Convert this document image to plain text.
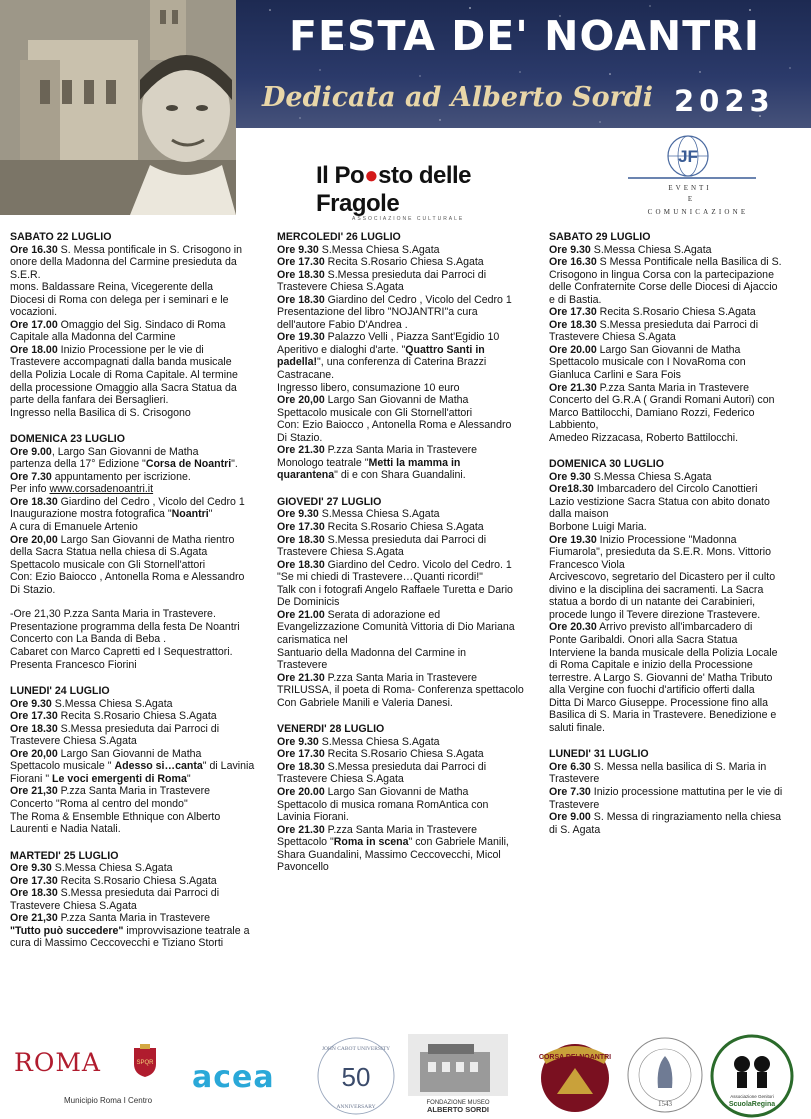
FESTA DE' NOANTRI
Dedicata ad Alberto Sordi 2023
Il Po●sto delle Fragole
ASSOCIAZIONE CULTURALE
JF
EVENTI
E
COMUNICAZIONE
SABATO 22 LUGLIO
Ore 16.30 S. Messa pontificale in S. Crisogono in
onore della Madonna del Carmine presieduta da
S.E.R.
mons. Baldassare Reina, Vicegerente della
Diocesi di Roma con delega per i seminari e le
vocazioni.
Ore 17.00 Omaggio del Sig. Sindaco di Roma
Capitale alla Madonna del Carmine
Ore 18.00 Inizio Processione per le vie di
Trastevere accompagnati dalla banda musicale
della Polizia Locale di Roma Capitale. Al termine
della processione Omaggio alla Sacra Statua da
parte della fanfara dei Bersaglieri.
Ingresso nella Basilica di S. Crisogono
DOMENICA 23 LUGLIO
Ore 9.00, Largo San Giovanni de Matha
partenza della 17° Edizione "Corsa de Noantri".
Ore 7.30 appuntamento per iscrizione.
Per info www.corsadenoantri.it
Ore 18.30 Giardino del Cedro , Vicolo del Cedro 1
Inaugurazione mostra fotografica "Noantri"
A cura di Emanuele Artenio
Ore 20,00 Largo San Giovanni de Matha rientro
della Sacra Statua nella chiesa di S.Agata
Spettacolo musicale con Gli Stornell'attori
Con: Ezio Baiocco , Antonella Roma e Alessandro
Di Stazio.
-Ore 21,30 P.zza Santa Maria in Trastevere.
Presentazione programma della festa De Noantri
Concerto con La Banda di Beba .
Cabaret con Marco Capretti ed I Sequestrattori.
Presenta Francesco Fiorini
LUNEDI' 24 LUGLIO
Ore 9.30 S.Messa Chiesa S.Agata
Ore 17.30 Recita S.Rosario Chiesa S.Agata
Ore 18.30 S.Messa presieduta dai Parroci di
Trastevere Chiesa S.Agata
Ore 20,00 Largo San Giovanni de Matha
Spettacolo musicale " Adesso si…canta" di Lavinia
Fiorani " Le voci emergenti di Roma"
Ore 21,30 P.zza Santa Maria in Trastevere
Concerto "Roma al centro del mondo"
The Roma & Ensemble Ethnique con Alberto
Laurenti e Nadia Natali.
MARTEDI' 25 LUGLIO
Ore 9.30 S.Messa Chiesa S.Agata
Ore 17.30 Recita S.Rosario Chiesa S.Agata
Ore 18.30 S.Messa presieduta dai Parroci di
Trastevere Chiesa S.Agata
Ore 21,30 P.zza Santa Maria in Trastevere
"Tutto può succedere" improvvisazione teatrale a
cura di Massimo Ceccovecchi e Tiziano Storti
MERCOLEDI' 26 LUGLIO
Ore 9.30 S.Messa Chiesa S.Agata
Ore 17.30 Recita S.Rosario Chiesa S.Agata
Ore 18.30 S.Messa presieduta dai Parroci di
Trastevere Chiesa S.Agata
Ore 18.30 Giardino del Cedro , Vicolo del Cedro 1
Presentazione del libro "NOJANTRI"a cura
dell'autore Fabio D'Andrea .
Ore 19.30 Palazzo Velli , Piazza Sant'Egidio 10
Aperitivo e dialoghi d'arte. "Quattro Santi in
padella!", una conferenza di Caterina Brazzi
Castracane.
Ingresso libero, consumazione 10 euro
Ore 20,00 Largo San Giovanni de Matha
Spettacolo musicale con Gli Stornell'attori
Con: Ezio Baiocco , Antonella Roma e Alessandro
Di Stazio.
Ore 21.30 P.zza Santa Maria in Trastevere
Monologo teatrale "Metti la mamma in
quarantena" di e con Shara Guandalini.
GIOVEDI' 27 LUGLIO
Ore 9.30 S.Messa Chiesa S.Agata
Ore 17.30 Recita S.Rosario Chiesa S.Agata
Ore 18.30 S.Messa presieduta dai Parroci di
Trastevere Chiesa S.Agata
Ore 18.30 Giardino del Cedro. Vicolo del Cedro. 1
"Se mi chiedi di Trastevere…Quanti ricordi!"
Talk con i fotografi Angelo Raffaele Turetta e Dario
De Dominicis
Ore 21.00 Serata di adorazione ed
Evangelizzazione Comunità Vittoria di Dio Mariana
carismatica nel
Santuario della Madonna del Carmine in
Trastevere
Ore 21.30 P.zza Santa Maria in Trastevere
TRILUSSA, il poeta di Roma- Conferenza spettacolo
Con Gabriele Manili e Valeria Danesi.
VENERDI' 28 LUGLIO
Ore 9.30 S.Messa Chiesa S.Agata
Ore 17.30 Recita S.Rosario Chiesa S.Agata
Ore 18.30 S.Messa presieduta dai Parroci di
Trastevere Chiesa S.Agata
Ore 20.00 Largo San Giovanni de Matha
Spettacolo di musica romana RomAntica con
Lavinia Fiorani.
Ore 21.30 P.zza Santa Maria in Trastevere
Spettacolo "Roma in scena" con Gabriele Manili,
Shara Guandalini, Massimo Ceccovecchi, Micol
Pavoncello
SABATO 29 LUGLIO
Ore 9.30 S.Messa Chiesa S.Agata
Ore 16.30 S Messa Pontificale nella Basilica di S.
Crisogono in lingua Corsa con la partecipazione
delle Confraternite Corse delle Diocesi di Ajaccio
e di Bastia.
Ore 17.30 Recita S.Rosario Chiesa S.Agata
Ore 18.30 S.Messa presieduta dai Parroci di
Trastevere Chiesa S.Agata
Ore 20.00 Largo San Giovanni de Matha
Spettacolo musicale con I NovaRoma con
Gianluca Carlini e Sara Fois
Ore 21.30 P.zza Santa Maria in Trastevere
Concerto del G.R.A ( Grandi Romani Autori) con
Marco Battilocchi, Damiano Rozzi, Federico
Labbiento,
Amedeo Rizzacasa, Roberto Battilocchi.
DOMENICA 30 LUGLIO
Ore 9.30 S.Messa Chiesa S.Agata
Ore18.30 Imbarcadero del Circolo Canottieri
Lazio vestizione Sacra Statua con abito donato
dalla maison
Borbone Luigi Maria.
Ore 19.30 Inizio Processione "Madonna
Fiumarola", presieduta da S.E.R. Mons. Vittorio
Francesco Viola
Arcivescovo, segretario del Dicastero per il culto
divino e la disciplina dei sacramenti. La Sacra
statua a bordo di un natante dei Carabinieri,
procede lungo il Tevere direzione Trastevere.
Ore 20.30 Arrivo previsto all'imbarcadero di
Ponte Garibaldi. Onori alla Sacra Statua
Interviene la banda musicale della Polizia Locale
di Roma Capitale e inizio della Processione
terrestre. A Largo S. Giovanni de' Matha Tributo
alla Vergine con fuochi d'artificio offerti dalla
Ditta Di Marco Giuseppe. Processione fino alla
Basilica di S. Maria in Trastevere. Benedizione e
saluti finale.
LUNEDI' 31 LUGLIO
Ore 6.30 S. Messa nella basilica di S. Maria in
Trastevere
Ore 7.30 Inizio processione mattutina per le vie di
Trastevere
Ore 9.00 S. Messa di ringraziamento nella chiesa
di S. Agata
ROMA	SPQR
Municipio Roma I Centro
acea
JOHN CABOT UNIVERSITY
50
ANNIVERSARY
FONDAZIONE MUSEO
ALBERTO SORDI
CORSA DE' NOANTRI
1543
Associazione Genitori
ScuolaRegina
